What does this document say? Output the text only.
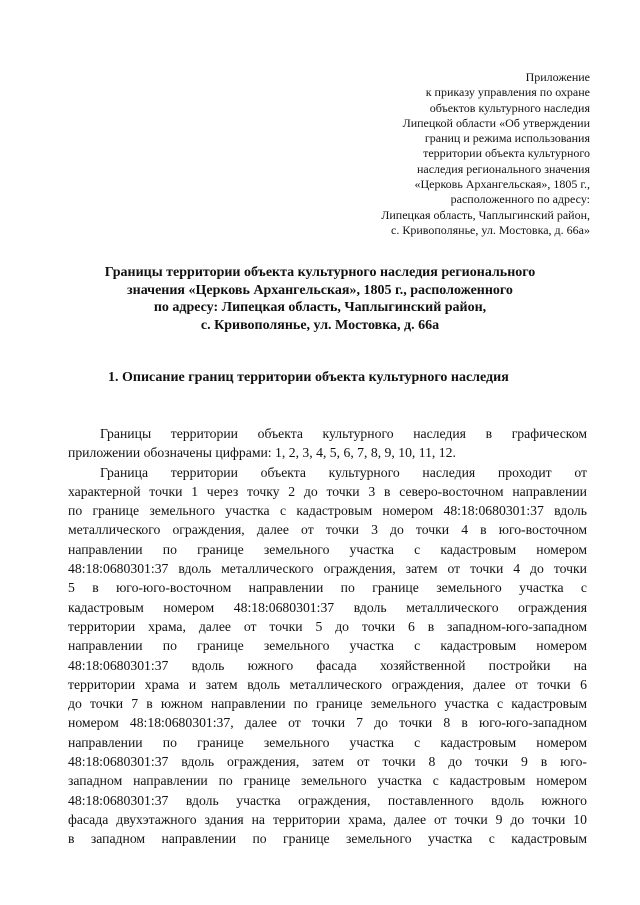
Приложение
к приказу управления по охране
объектов культурного наследия
Липецкой области «Об утверждении
границ и режима использования
территории объекта культурного
наследия регионального значения
«Церковь Архангельская», 1805 г.,
расположенного по адресу:
Липецкая область, Чаплыгинский район,
с. Кривополянье, ул. Мостовка, д. 66а»
Границы территории объекта культурного наследия регионального
значения «Церковь Архангельская», 1805 г., расположенного
по адресу: Липецкая область, Чаплыгинский район,
с. Кривополянье, ул. Мостовка, д. 66а
1. Описание границ территории объекта культурного наследия
Границы территории объекта культурного наследия в графическом
приложении обозначены цифрами: 1, 2, 3, 4, 5, 6, 7, 8, 9, 10, 11, 12.
Граница территории объекта культурного наследия проходит от
характерной точки 1 через точку 2 до точки 3 в северо-восточном направлении
по границе земельного участка с кадастровым номером 48:18:0680301:37 вдоль
металлического ограждения, далее от точки 3 до точки 4 в юго-восточном
направлении по границе земельного участка с кадастровым номером
48:18:0680301:37 вдоль металлического ограждения, затем от точки 4 до точки
5 в юго-юго-восточном направлении по границе земельного участка с
кадастровым номером 48:18:0680301:37 вдоль металлического ограждения
территории храма, далее от точки 5 до точки 6 в западном-юго-западном
направлении по границе земельного участка с кадастровым номером
48:18:0680301:37 вдоль южного фасада хозяйственной постройки на
территории храма и затем вдоль металлического ограждения, далее от точки 6
до точки 7 в южном направлении по границе земельного участка с кадастровым
номером 48:18:0680301:37, далее от точки 7 до точки 8 в юго-юго-западном
направлении по границе земельного участка с кадастровым номером
48:18:0680301:37 вдоль ограждения, затем от точки 8 до точки 9 в юго-
западном направлении по границе земельного участка с кадастровым номером
48:18:0680301:37 вдоль участка ограждения, поставленного вдоль южного
фасада двухэтажного здания на территории храма, далее от точки 9 до точки 10
в западном направлении по границе земельного участка с кадастровым
